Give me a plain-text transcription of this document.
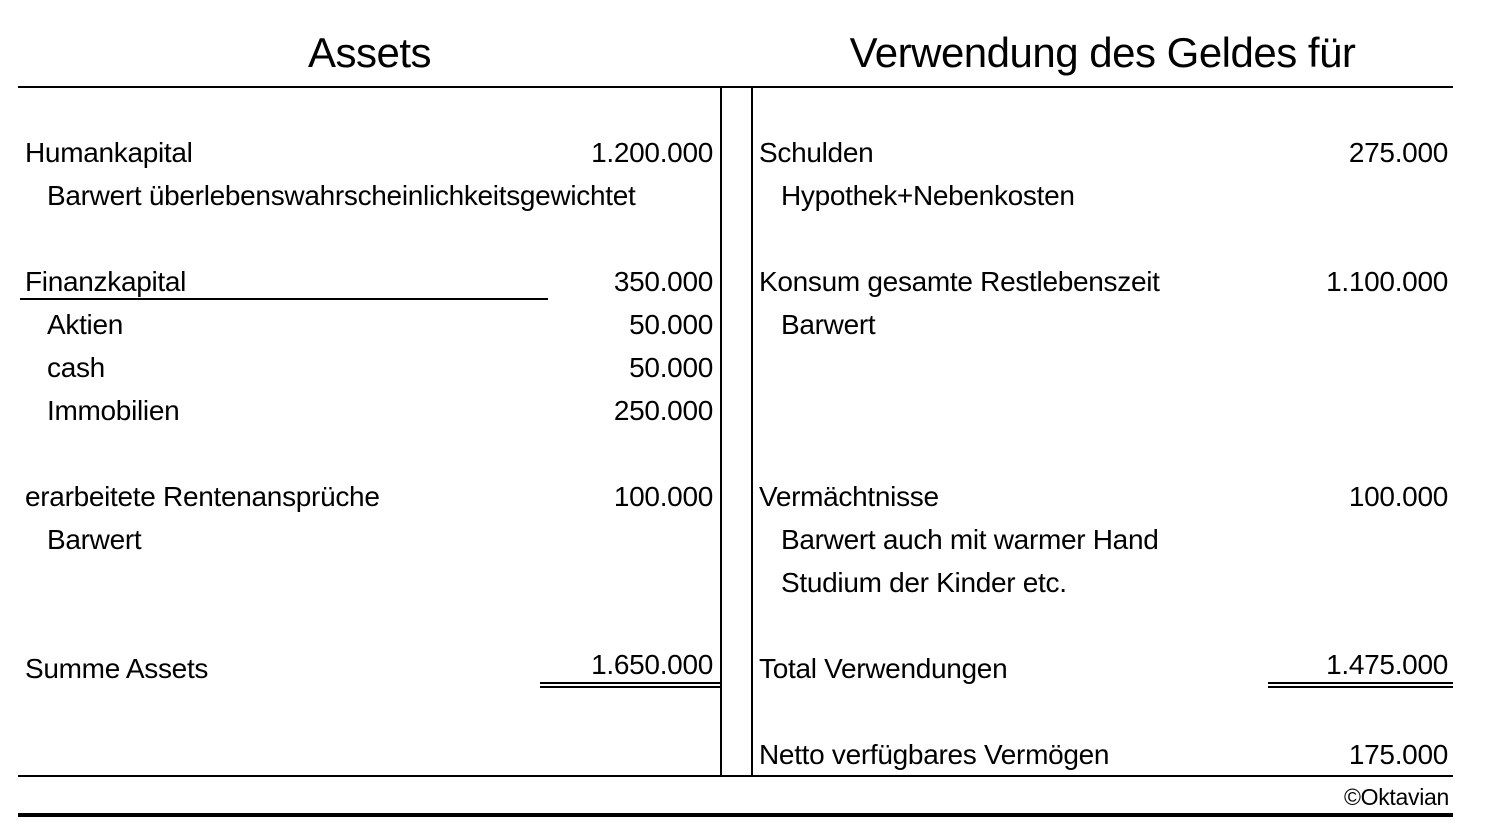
Assets	Verwendung des Geldes für
Humankapital	1.200.000
Barwert überlebenswahrscheinlichkeitsgewichtet
Finanzkapital	350.000
Aktien	50.000
cash	50.000
Immobilien	250.000
erarbeitete Rentenansprüche	100.000
Barwert
Summe Assets	1.650.000
Schulden	275.000
Hypothek+Nebenkosten
Konsum gesamte Restlebenszeit	1.100.000
Barwert
Vermächtnisse	100.000
Barwert auch mit warmer Hand
Studium der Kinder etc.
Total Verwendungen	1.475.000
Netto verfügbares Vermögen	175.000
©Oktavian
